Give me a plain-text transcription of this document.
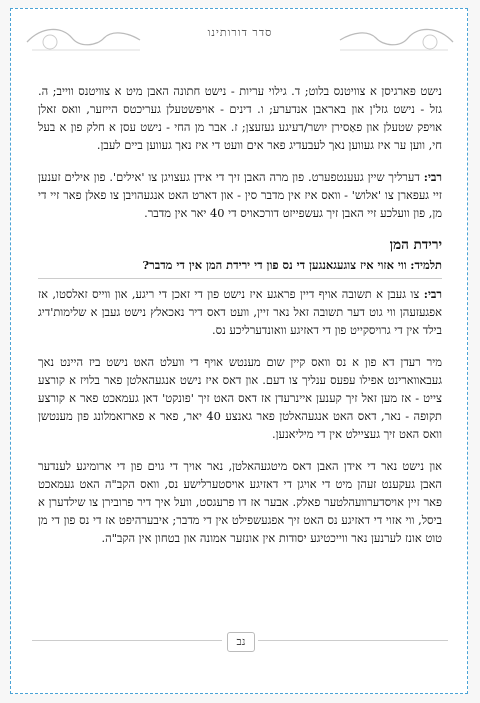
סדר דורותינו

נישט פארגיסן א צוויטנס בלוט; ד. גילוי עריות - נישט חתונה האבן מיט א צוויטנס ווייב; ה. גזל - נישט גזל'ן און באראבן אנדערע; ו. דינים - אויפשטעלן געריכטס הייזער, וואס זאלן אויפק שטעלן און פאַסירן יושר/דעיגע געזעצן; ז. אבר מן החי - נישט עסן א חלק פון א בעל חי, ווען ער איז געווען נאך לעבעדיג פאר אים וועט די איז נאך געווען ביים לעבן.

רבי: דערליך שיין געענטפערט. פון מרה האבן זיך די אידן געצויגן צו 'אילים'. פון אילים זענען זיי געפארן צו 'אלוש' - וואס איז אין מדבר סין - און דארט האט אנגעהויבן צו פאלן פאר זיי די מן, פון וועלכע זיי האבן זיך געשפייזט דורכאויס די 40 יאר אין מדבר.

ירידת המן
תלמיד: ווי אזוי איז צוגעגאנגען די נס פון די ירידת המן אין די מדבר?

רבי: צו געבן א תשובה אויף דיין פראגע איז נישט פון די זאכן די ריגע, און ווייס זאלסטו, אז אפגעזעהן ווי גוט דער תשובה זאל נאר זיין, וועט דאס דיר נאכאלץ נישט געבן א שלימות'דיג בילד אין די גרויסקייט פון די דאזיגע וואונדערליכע נס.

מיר רעדן דא פון א נס וואס קיין שום מענטש אויף די וועלט האט נישט ביז היינט נאך געבאווארינט אפילו עפעס ענליך צו דעם. און דאס איז נישט אנגעהאלטן פאר בלויז א קורצע צייט - אז מען זאל זיך קענען איינרעדן אז דאס האט זיך 'פונקט' דאן געמאכט פאר א קורצע תקופה - נאר, דאס האט אנגעהאלטן פאר גאנצע 40 יאר, פאר א פארזאמלונג פון מענטשן וואס האט זיך געציילט אין די מיליאנען.

און נישט נאר די אידן האבן דאס מיטגעהאלטן, נאר אויך די גוים פון די ארומיגע לענדער האבן געקענט זעהן מיט די אויגן די דאזיגע אויסטערלישע נס, וואס הקב"ה האט געמאכט פאר זיין אויסדערוועהלטער פאלק. אבער אז דו פרעגסט, וועל איך דיר פרובירן צו שילדערן א ביסל, ווי אזוי די דאזיגע נס האט זיך אפגעשפילט אין די מדבר; איבערהיפט אז די נס פון די מן טוט אונז לערנען נאר ווייכטיגע יסודות אין אונזער אמונה און בטחון אין הקב"ה.

נב
